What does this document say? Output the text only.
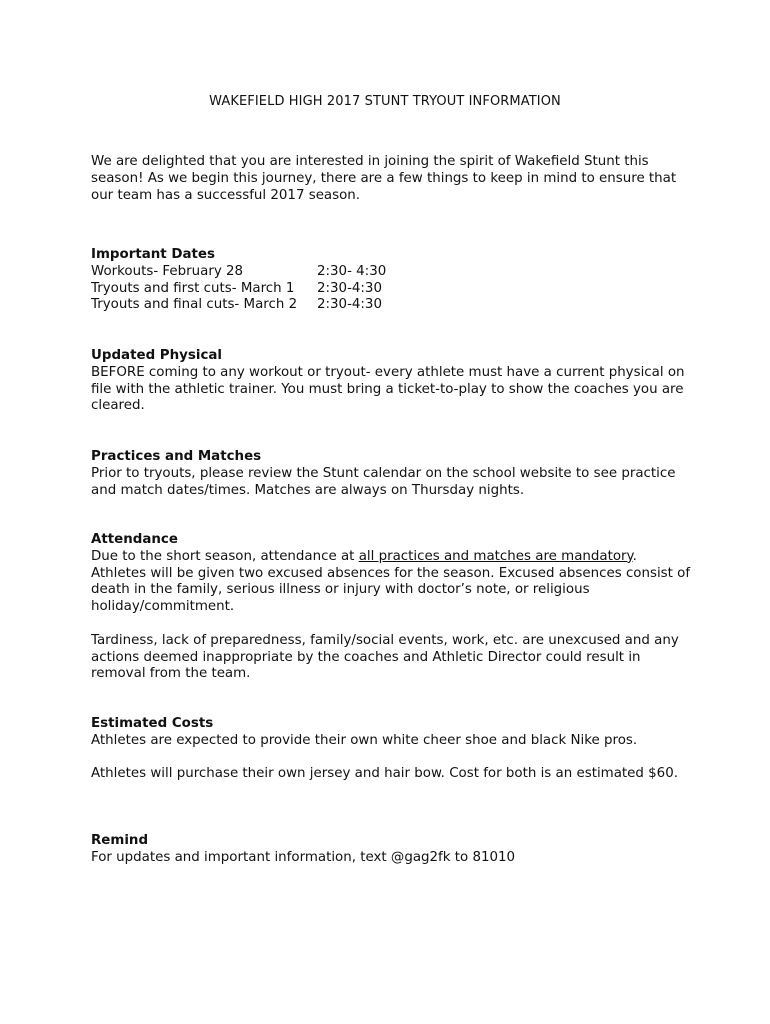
WAKEFIELD HIGH 2017 STUNT TRYOUT INFORMATION

We are delighted that you are interested in joining the spirit of Wakefield Stunt this season! As we begin this journey, there are a few things to keep in mind to ensure that our team has a successful 2017 season.

Important Dates
Workouts- February 28	2:30- 4:30
Tryouts and first cuts- March 1	2:30-4:30
Tryouts and final cuts- March 2	2:30-4:30
Updated Physical

BEFORE coming to any workout or tryout- every athlete must have a current physical on file with the athletic trainer. You must bring a ticket-to-play to show the coaches you are cleared.

Practices and Matches

Prior to tryouts, please review the Stunt calendar on the school website to see practice and match dates/times. Matches are always on Thursday nights.

Attendance

Due to the short season, attendance at all practices and matches are mandatory. Athletes will be given two excused absences for the season. Excused absences consist of death in the family, serious illness or injury with doctor’s note, or religious holiday/commitment.

Tardiness, lack of preparedness, family/social events, work, etc. are unexcused and any actions deemed inappropriate by the coaches and Athletic Director could result in removal from the team.

Estimated Costs

Athletes are expected to provide their own white cheer shoe and black Nike pros.

Athletes will purchase their own jersey and hair bow. Cost for both is an estimated $60.

Remind

For updates and important information, text @gag2fk to 81010
